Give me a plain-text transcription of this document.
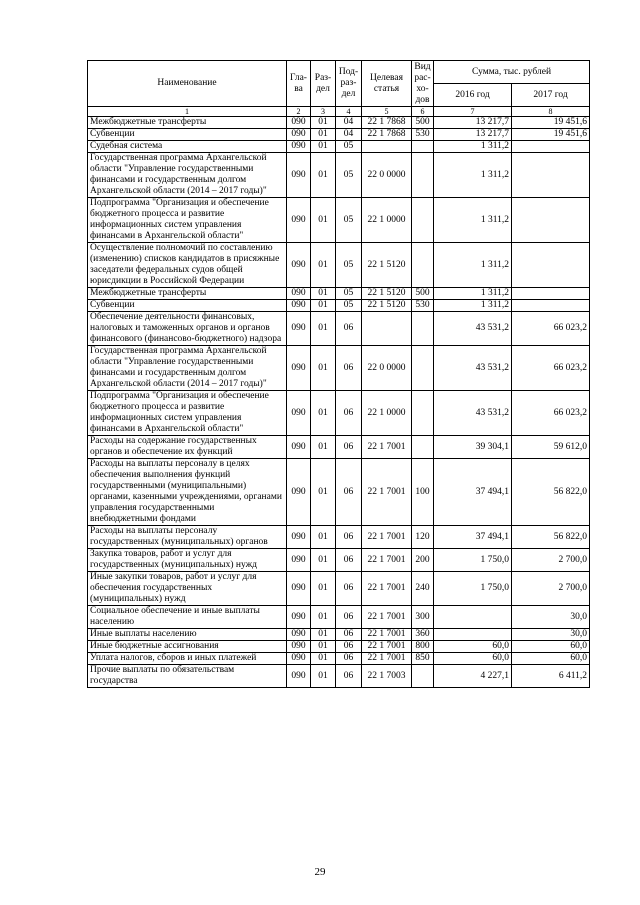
Наименование	Гла-ва	Раз-дел	Под-раз-дел	Целевая статья	Вид рас-хо-дов	Сумма, тыс. рублей	
						2016 год	2017 год
1	2	3	4	5	6	7	8
Межбюджетные трансферты	090	01	04	22 1 7868	500	13 217,7	19 451,6
Субвенции	090	01	04	22 1 7868	530	13 217,7	19 451,6
Судебная система	090	01	05			1 311,2	
Государственная программа Архангельской области "Управление государственными финансами и государственным долгом Архангельской области (2014 – 2017 годы)"	090	01	05	22 0 0000		1 311,2	
Подпрограмма "Организация и обеспечение бюджетного процесса и развитие информационных систем управления финансами в Архангельской области"	090	01	05	22 1 0000		1 311,2	
Осуществление полномочий по составлению (изменению) списков кандидатов в присяжные заседатели федеральных судов общей юрисдикции в Российской Федерации	090	01	05	22 1 5120		1 311,2	
Межбюджетные трансферты	090	01	05	22 1 5120	500	1 311,2	
Субвенции	090	01	05	22 1 5120	530	1 311,2	
Обеспечение деятельности финансовых, налоговых и таможенных органов и органов финансового (финансово-бюджетного) надзора	090	01	06			43 531,2	66 023,2
Государственная программа Архангельской области "Управление государственными финансами и государственным долгом Архангельской области (2014 – 2017 годы)"	090	01	06	22 0 0000		43 531,2	66 023,2
Подпрограмма "Организация и обеспечение бюджетного процесса и развитие информационных систем управления финансами в Архангельской области"	090	01	06	22 1 0000		43 531,2	66 023,2
Расходы на содержание государственных органов и обеспечение их функций	090	01	06	22 1 7001		39 304,1	59 612,0
Расходы на выплаты персоналу в целях обеспечения выполнения функций государственными (муниципальными) органами, казенными учреждениями, органами управления государственными внебюджетными фондами	090	01	06	22 1 7001	100	37 494,1	56 822,0
Расходы на выплаты персоналу государственных (муниципальных) органов	090	01	06	22 1 7001	120	37 494,1	56 822,0
Закупка товаров, работ и услуг для государственных (муниципальных) нужд	090	01	06	22 1 7001	200	1 750,0	2 700,0
Иные закупки товаров, работ и услуг для обеспечения государственных (муниципальных) нужд	090	01	06	22 1 7001	240	1 750,0	2 700,0
Социальное обеспечение и иные выплаты населению	090	01	06	22 1 7001	300		30,0
Иные выплаты населению	090	01	06	22 1 7001	360		30,0
Иные бюджетные ассигнования	090	01	06	22 1 7001	800	60,0	60,0
Уплата налогов, сборов и иных платежей	090	01	06	22 1 7001	850	60,0	60,0
Прочие выплаты по обязательствам государства	090	01	06	22 1 7003		4 227,1	6 411,2
29
